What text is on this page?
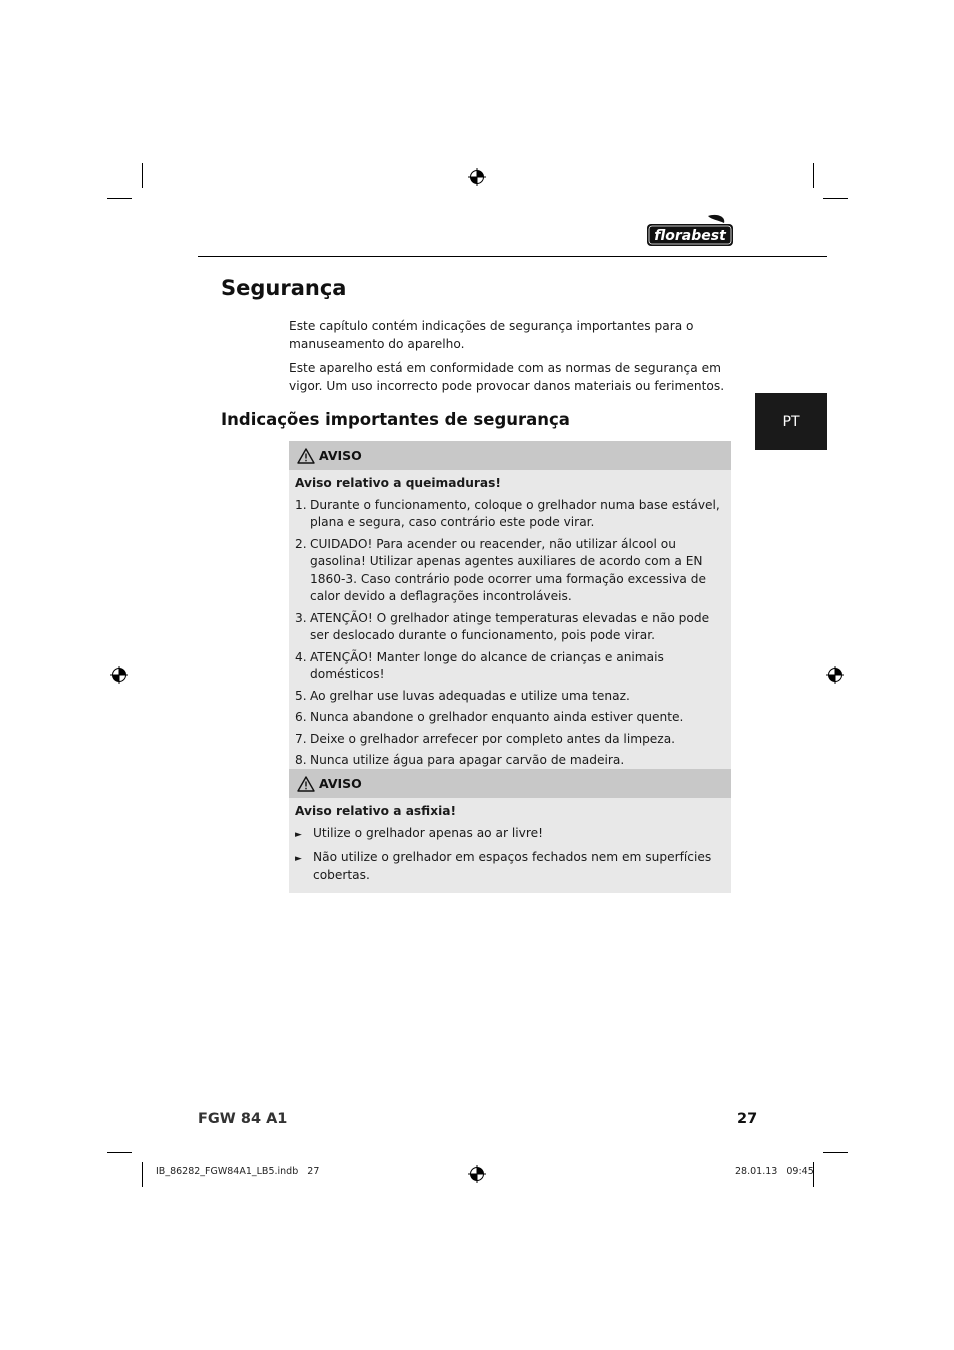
florabest
Segurança

Este capítulo contém indicações de segurança importantes para o manuseamento do aparelho.

Este aparelho está em conformidade com as normas de segurança em vigor. Um uso incorrecto pode provocar danos materiais ou ferimentos.

PT
Indicações importantes de segurança
AVISO

Aviso relativo a queimaduras!

1. Durante o funcionamento, coloque o grelhador numa base estável, plana e segura, caso contrário este pode virar.
2. CUIDADO! Para acender ou reacender, não utilizar álcool ou gasolina! Utilizar apenas agentes auxiliares de acordo com a EN 1860-3. Caso contrário pode ocorrer uma formação excessiva de calor devido a deflagrações incontroláveis.
3. ATENÇÃO! O grelhador atinge temperaturas elevadas e não pode ser deslocado durante o funcionamento, pois pode virar.
4. ATENÇÃO! Manter longe do alcance de crianças e animais domésticos!
5. Ao grelhar use luvas adequadas e utilize uma tenaz.
6. Nunca abandone o grelhador enquanto ainda estiver quente.
7. Deixe o grelhador arrefecer por completo antes da limpeza.
8. Nunca utilize água para apagar carvão de madeira.
AVISO

Aviso relativo a asfixia!

► Utilize o grelhador apenas ao ar livre!
► Não utilize o grelhador em espaços fechados nem em superfícies cobertas.
FGW 84 A1	27
IB_86282_FGW84A1_LB5.indb   27	28.01.13   09:45
